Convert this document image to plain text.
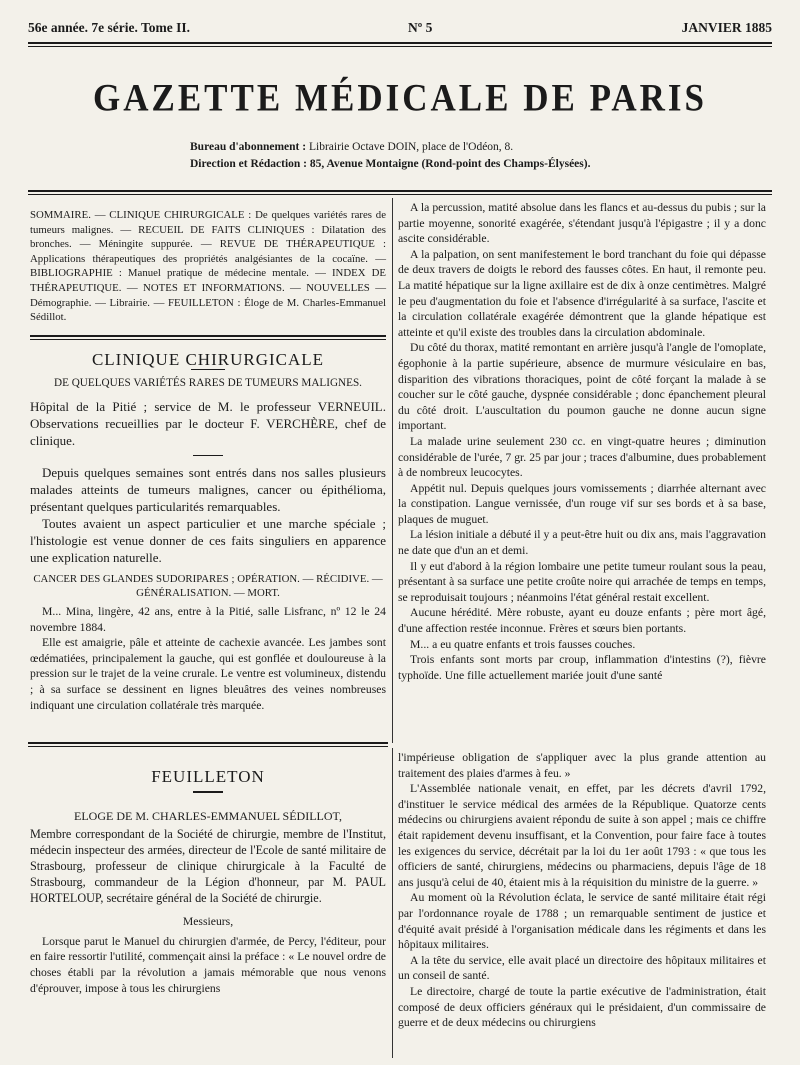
56e année. 7e série. Tome II.	Nº 5	JANVIER 1885
GAZETTE MÉDICALE DE PARIS
Bureau d'abonnement : Librairie Octave DOIN, place de l'Odéon, 8.
Direction et Rédaction : 85, Avenue Montaigne (Rond-point des Champs-Élysées).

SOMMAIRE. — CLINIQUE CHIRURGICALE : De quelques variétés rares de tumeurs malignes. — RECUEIL DE FAITS CLINIQUES : Dilatation des bronches. — Méningite suppurée. — REVUE DE THÉRAPEUTIQUE : Applications thérapeutiques des propriétés analgésiantes de la cocaïne. — BIBLIOGRAPHIE : Manuel pratique de médecine mentale. — INDEX DE THÉRAPEUTIQUE. — NOTES ET INFORMATIONS. — NOUVELLES — Démographie. — Librairie. — FEUILLETON : Éloge de M. Charles-Emmanuel Sédillot.

CLINIQUE CHIRURGICALE
DE QUELQUES VARIÉTÉS RARES DE TUMEURS MALIGNES.

Hôpital de la Pitié ; service de M. le professeur VERNEUIL. Observations recueillies par le docteur F. VERCHÈRE, chef de clinique.

Depuis quelques semaines sont entrés dans nos salles plusieurs malades atteints de tumeurs malignes, cancer ou épithélioma, présentant quelques particularités remarquables.

Toutes avaient un aspect particulier et une marche spéciale ; l'histologie est venue donner de ces faits singuliers en apparence une explication naturelle.

CANCER DES GLANDES SUDORIPARES ; OPÉRATION. — RÉCIDIVE. — GÉNÉRALISATION. — MORT.

M... Mina, lingère, 42 ans, entre à la Pitié, salle Lisfranc, nº 12 le 24 novembre 1884.

Elle est amaigrie, pâle et atteinte de cachexie avancée. Les jambes sont œdématiées, principalement la gauche, qui est gonflée et douloureuse à la pression sur le trajet de la veine crurale. Le ventre est volumineux, distendu ; à sa surface se dessinent en lignes bleuâtres des veines nombreuses indiquant une circulation collatérale très marquée.

A la percussion, matité absolue dans les flancs et au-dessus du pubis ; sur la partie moyenne, sonorité exagérée, s'étendant jusqu'à l'épigastre ; il y a donc ascite considérable.

A la palpation, on sent manifestement le bord tranchant du foie qui dépasse de deux travers de doigts le rebord des fausses côtes. En haut, il remonte peu. La matité hépatique sur la ligne axillaire est de dix à onze centimètres. Malgré le peu d'augmentation du foie et l'absence d'irrégularité à sa surface, l'ascite et la circulation collatérale exagérée démontrent que la glande hépatique est atteinte et qu'il existe des troubles dans la circulation abdominale.

Du côté du thorax, matité remontant en arrière jusqu'à l'angle de l'omoplate, égophonie à la partie supérieure, absence de murmure vésiculaire en bas, disparition des vibrations thoraciques, point de côté forçant la malade à se coucher sur le côté gauche, dyspnée considérable ; donc épanchement pleural du côté droit. L'auscultation du poumon gauche ne donne aucun signe important.

La malade urine seulement 230 cc. en vingt-quatre heures ; diminution considérable de l'urée, 7 gr. 25 par jour ; traces d'albumine, dues probablement à de nombreux leucocytes.

Appétit nul. Depuis quelques jours vomissements ; diarrhée alternant avec la constipation. Langue vernissée, d'un rouge vif sur ses bords et à sa base, plaques de muguet.

La lésion initiale a débuté il y a peut-être huit ou dix ans, mais l'aggravation ne date que d'un an et demi.

Il y eut d'abord à la région lombaire une petite tumeur roulant sous la peau, présentant à sa surface une petite croûte noire qui arrachée de temps en temps, se reproduisait toujours ; néanmoins l'état général restait excellent.

Aucune hérédité. Mère robuste, ayant eu douze enfants ; père mort âgé, d'une affection restée inconnue. Frères et sœurs bien portants.

M... a eu quatre enfants et trois fausses couches.

Trois enfants sont morts par croup, inflammation d'intestins (?), fièvre typhoïde. Une fille actuellement mariée jouit d'une santé

FEUILLETON
ELOGE DE M. CHARLES-EMMANUEL SÉDILLOT,

Membre correspondant de la Société de chirurgie, membre de l'Institut, médecin inspecteur des armées, directeur de l'Ecole de santé militaire de Strasbourg, professeur de clinique chirurgicale à la Faculté de Strasbourg, commandeur de la Légion d'honneur, par M. PAUL HORTELOUP, secrétaire général de la Société de chirurgie.

Messieurs,

Lorsque parut le Manuel du chirurgien d'armée, de Percy, l'éditeur, pour en faire ressortir l'utilité, commençait ainsi la préface : « Le nouvel ordre de choses établi par la révolution a jamais mémorable que nous venons d'éprouver, impose à tous les chirurgiens

l'impérieuse obligation de s'appliquer avec la plus grande attention au traitement des plaies d'armes à feu. »

L'Assemblée nationale venait, en effet, par les décrets d'avril 1792, d'instituer le service médical des armées de la République. Quatorze cents médecins ou chirurgiens avaient répondu de suite à son appel ; mais ce chiffre était rapidement devenu insuffisant, et la Convention, pour faire face à toutes les exigences du service, décrétait par la loi du 1er août 1793 : « que tous les officiers de santé, chirurgiens, médecins ou pharmaciens, depuis l'âge de 18 ans jusqu'à celui de 40, étaient mis à la réquisition du ministre de la guerre. »

Au moment où la Révolution éclata, le service de santé militaire était régi par l'ordonnance royale de 1788 ; un remarquable sentiment de justice et d'équité avait présidé à l'organisation médicale dans les régiments et dans les hôpitaux militaires.

A la tête du service, elle avait placé un directoire des hôpitaux militaires et un conseil de santé.

Le directoire, chargé de toute la partie exécutive de l'administration, était composé de deux officiers généraux qui le présidaient, d'un commissaire de guerre et de deux médecins ou chirurgiens
